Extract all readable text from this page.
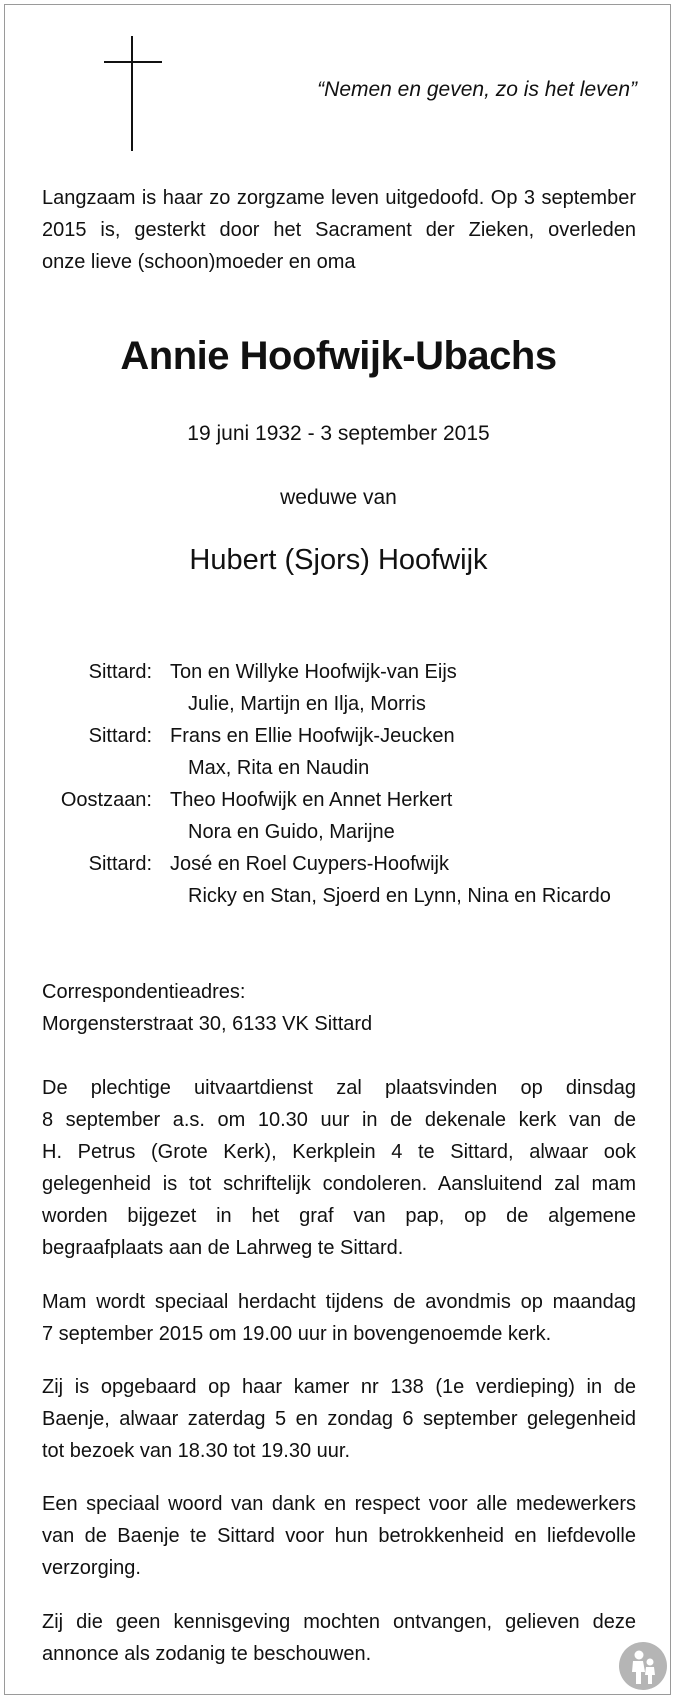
“Nemen en geven, zo is het leven”
Langzaam is haar zo zorgzame leven uitgedoofd. Op 3 september
2015 is, gesterkt door het Sacrament der Zieken, overleden
onze lieve (schoon)moeder en oma
Annie Hoofwijk-Ubachs
19 juni 1932 - 3 september 2015
weduwe van
Hubert (Sjors) Hoofwijk
Sittard: Ton en Willyke Hoofwijk-van Eijs
Julie, Martijn en Ilja, Morris
Sittard: Frans en Ellie Hoofwijk-Jeucken
Max, Rita en Naudin
Oostzaan: Theo Hoofwijk en Annet Herkert
Nora en Guido, Marijne
Sittard: José en Roel Cuypers-Hoofwijk
Ricky en Stan, Sjoerd en Lynn, Nina en Ricardo
Correspondentieadres:
Morgensterstraat 30, 6133 VK Sittard
De plechtige uitvaartdienst zal plaatsvinden op dinsdag
8 september a.s. om 10.30 uur in de dekenale kerk van de
H. Petrus (Grote Kerk), Kerkplein 4 te Sittard, alwaar ook
gelegenheid is tot schriftelijk condoleren. Aansluitend zal mam
worden bijgezet in het graf van pap, op de algemene
begraafplaats aan de Lahrweg te Sittard.
Mam wordt speciaal herdacht tijdens de avondmis op maandag
7 september 2015 om 19.00 uur in bovengenoemde kerk.
Zij is opgebaard op haar kamer nr 138 (1e verdieping) in de
Baenje, alwaar zaterdag 5 en zondag 6 september gelegenheid
tot bezoek van 18.30 tot 19.30 uur.
Een speciaal woord van dank en respect voor alle medewerkers
van de Baenje te Sittard voor hun betrokkenheid en liefdevolle
verzorging.
Zij die geen kennisgeving mochten ontvangen, gelieven deze
annonce als zodanig te beschouwen.
